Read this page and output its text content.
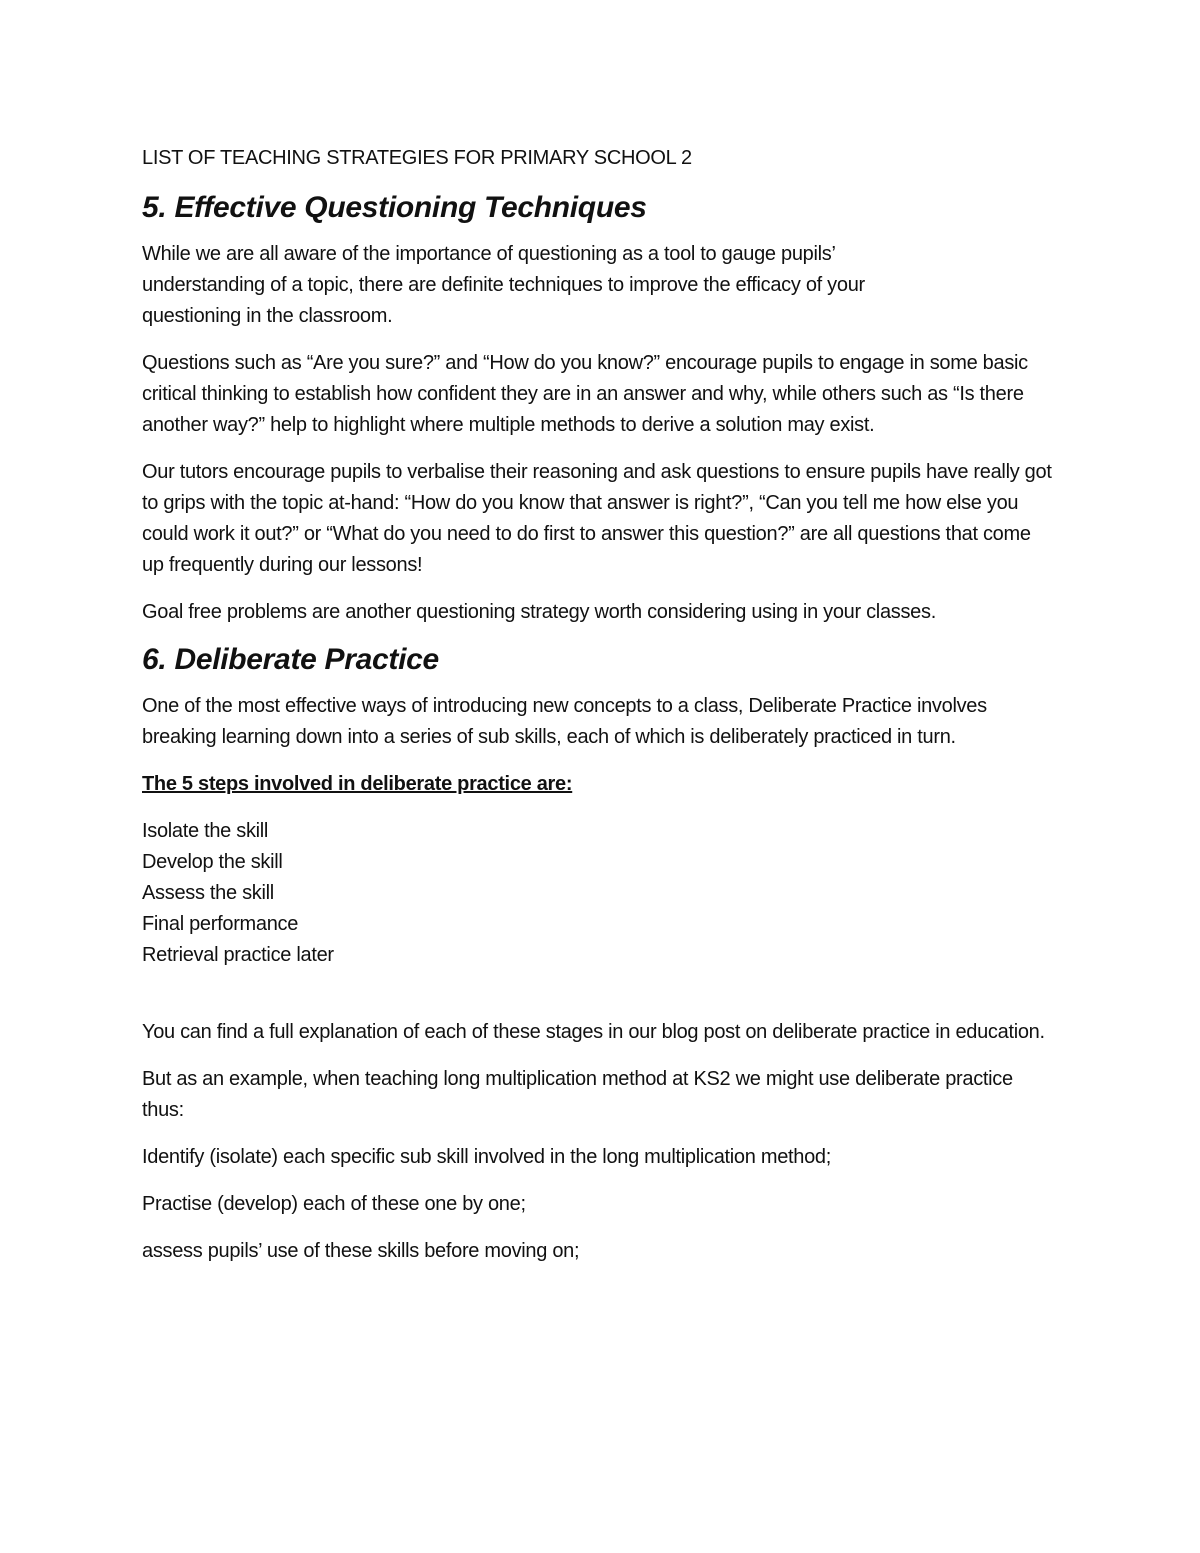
LIST OF TEACHING STRATEGIES FOR PRIMARY SCHOOL 2
5. Effective Questioning Techniques

While we are all aware of the importance of questioning as a tool to gauge pupils’ understanding of a topic, there are definite techniques to improve the efficacy of your questioning in the classroom.

Questions such as “Are you sure?” and “How do you know?” encourage pupils to engage in some basic critical thinking to establish how confident they are in an answer and why, while others such as “Is there another way?” help to highlight where multiple methods to derive a solution may exist.

Our tutors encourage pupils to verbalise their reasoning and ask questions to ensure pupils have really got to grips with the topic at-hand: “How do you know that answer is right?”, “Can you tell me how else you could work it out?” or “What do you need to do first to answer this question?” are all questions that come up frequently during our lessons!

Goal free problems are another questioning strategy worth considering using in your classes.

6. Deliberate Practice

One of the most effective ways of introducing new concepts to a class, Deliberate Practice involves breaking learning down into a series of sub skills, each of which is deliberately practiced in turn.

The 5 steps involved in deliberate practice are:

Isolate the skill
Develop the skill
Assess the skill
Final performance
Retrieval practice later

You can find a full explanation of each of these stages in our blog post on deliberate practice in education.

But as an example, when teaching long multiplication method at KS2 we might use deliberate practice thus:

Identify (isolate) each specific sub skill involved in the long multiplication method;

Practise (develop) each of these one by one;

assess pupils’ use of these skills before moving on;
